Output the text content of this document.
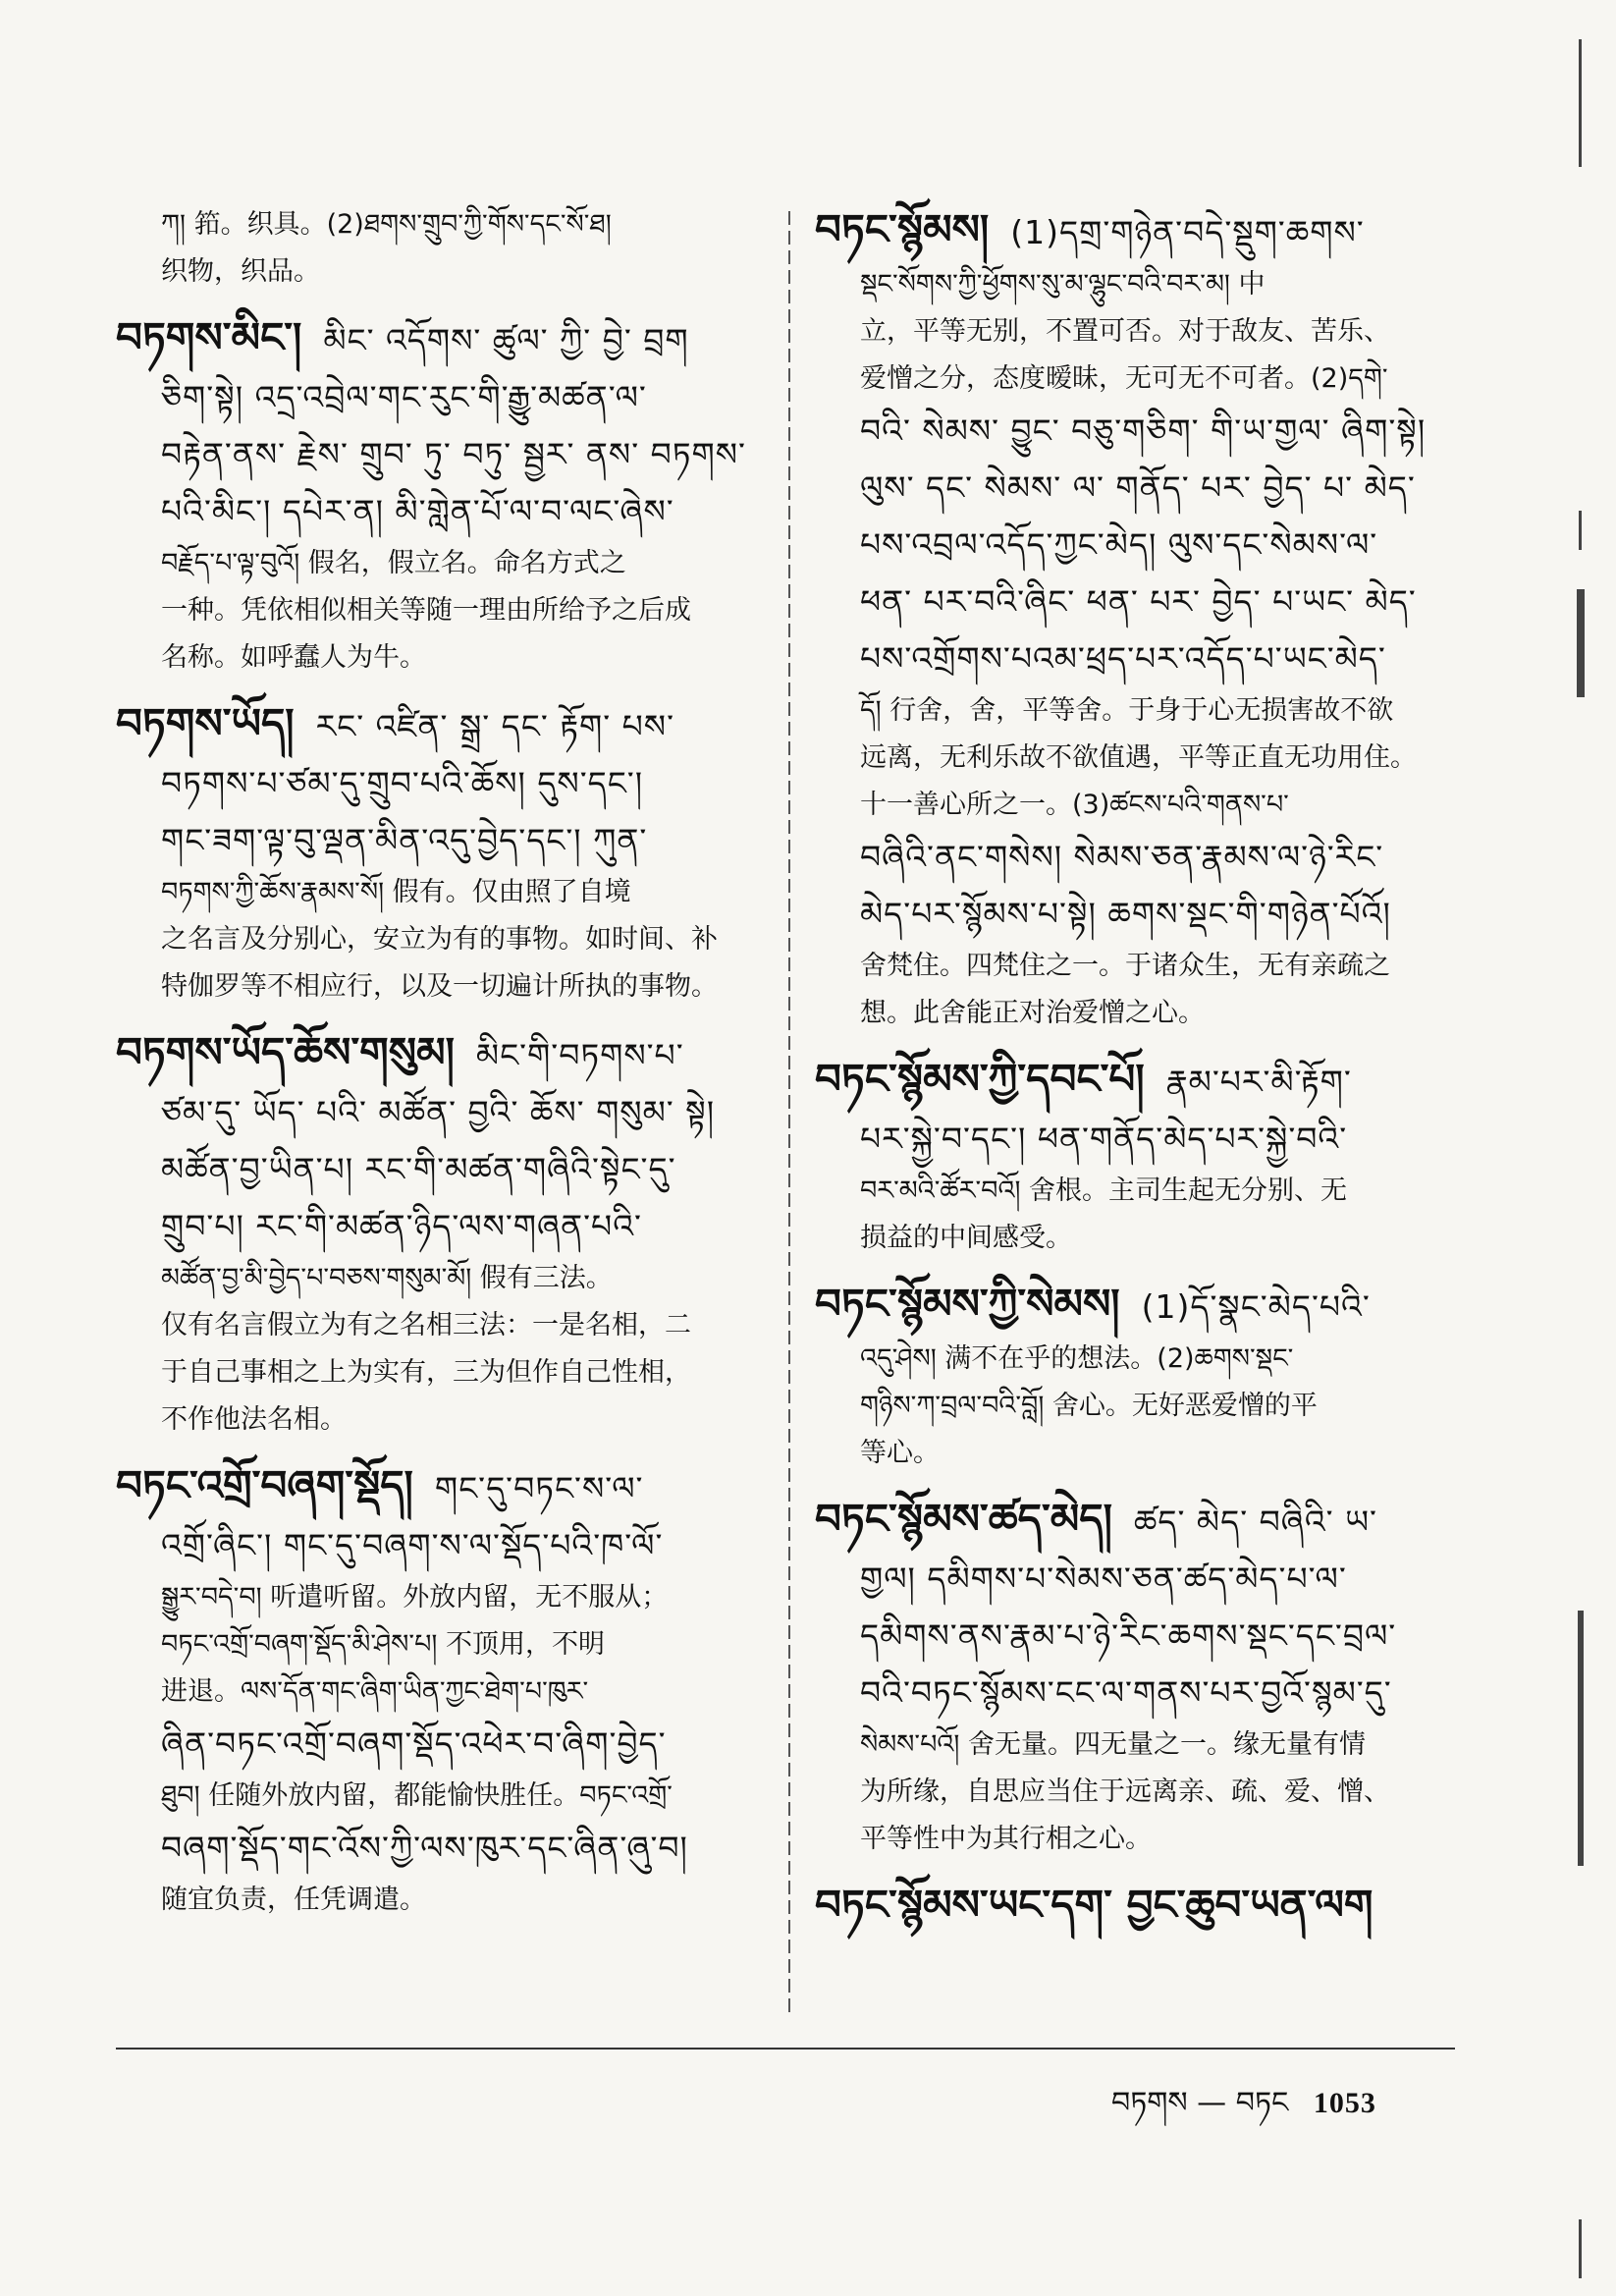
ཀ། 筘。织具。(2)ཐགས་གྲུབ་ཀྱི་གོས་དང་སོ་ཐ།
织物，织品。
བཏགས་མིང་། མིང་ འདོགས་ ཚུལ་ ཀྱི་ བྱེ་ བྲག
ཅིག་སྟེ། འདྲ་འབྲེལ་གང་རུང་གི་རྒྱུ་མཚན་ལ་
བརྟེན་ནས་ རྗེས་ གྲུབ་ ཏུ་ བཏུ་ སྦྱར་ ནས་ བཏགས་
པའི་མིང་། དཔེར་ན། མི་གླེན་པོ་ལ་བ་ལང་ཞེས་
བརྗོད་པ་ལྟ་བུའོ། 假名，假立名。命名方式之
一种。凭依相似相关等随一理由所给予之后成
名称。如呼蠢人为牛。
བཏགས་ཡོད། རང་ འཛིན་ སྒྲ་ དང་ རྟོག་ པས་
བཏགས་པ་ཙམ་དུ་གྲུབ་པའི་ཆོས། དུས་དང་།
གང་ཟག་ལྟ་བུ་ལྡན་མིན་འདུ་བྱེད་དང་། ཀུན་
བཏགས་ཀྱི་ཆོས་རྣམས་སོ། 假有。仅由照了自境
之名言及分别心，安立为有的事物。如时间、补
特伽罗等不相应行，以及一切遍计所执的事物。
བཏགས་ཡོད་ཆོས་གསུམ། མིང་གི་བཏགས་པ་
ཙམ་དུ་ ཡོད་ པའི་ མཚོན་ བྱའི་ ཆོས་ གསུམ་ སྟེ།
མཚོན་བྱ་ཡིན་པ། རང་གི་མཚན་གཞིའི་སྟེང་དུ་
གྲུབ་པ། རང་གི་མཚན་ཉིད་ལས་གཞན་པའི་
མཚོན་བྱ་མི་བྱེད་པ་བཅས་གསུམ་མོ། 假有三法。
仅有名言假立为有之名相三法：一是名相，二
于自己事相之上为实有，三为但作自己性相，
不作他法名相。
བཏང་འགྲོ་བཞག་སྡོད། གང་དུ་བཏང་ས་ལ་
འགྲོ་ཞིང་། གང་དུ་བཞག་ས་ལ་སྡོད་པའི་ཁ་ལོ་
སྒྱུར་བདེ་བ། 听遣听留。外放内留，无不服从；
བཏང་འགྲོ་བཞག་སྡོད་མི་ཤེས་པ། 不顶用，不明
进退。ལས་དོན་གང་ཞིག་ཡིན་ཀྱང་ཐེག་པ་ཁུར་
ཞིན་བཏང་འགྲོ་བཞག་སྡོད་འཕེར་བ་ཞིག་བྱེད་
ཐུབ། 任随外放内留，都能愉快胜任。བཏང་འགྲོ་
བཞག་སྡོད་གང་འོས་ཀྱི་ལས་ཁུར་དང་ཞིན་ཞུ་བ།
随宜负责，任凭调遣。
བཏང་སྙོམས། (1)དགྲ་གཉེན་བདེ་སྡུག་ཆགས་
སྡང་སོགས་ཀྱི་ཕྱོགས་སུ་མ་ལྷུང་བའི་བར་མ། 中
立，平等无别，不置可否。对于敌友、苦乐、
爱憎之分，态度暧昧，无可无不可者。(2)དགེ་
བའི་ སེམས་ བྱུང་ བཅུ་གཅིག་ གི་ཡ་གྱལ་ ཞིག་སྟེ།
ལུས་ དང་ སེམས་ ལ་ གནོད་ པར་ བྱེད་ པ་ མེད་
པས་འབྲལ་འདོད་ཀྱང་མེད། ལུས་དང་སེམས་ལ་
ཕན་ པར་བའི་ཞིང་ ཕན་ པར་ བྱེད་ པ་ཡང་ མེད་
པས་འགྲོགས་པའམ་ཕྲད་པར་འདོད་པ་ཡང་མེད་
དོ། 行舍，舍，平等舍。于身于心无损害故不欲
远离，无利乐故不欲值遇，平等正直无功用住。
十一善心所之一。(3)ཚངས་པའི་གནས་པ་
བཞིའི་ནང་གསེས། སེམས་ཅན་རྣམས་ལ་ཉེ་རིང་
མེད་པར་སྙོམས་པ་སྟེ། ཆགས་སྡང་གི་གཉེན་པོའོ།
舍梵住。四梵住之一。于诸众生，无有亲疏之
想。此舍能正对治爱憎之心。
བཏང་སྙོམས་ཀྱི་དབང་པོ། རྣམ་པར་མི་རྟོག་
པར་སྐྱེ་བ་དང་། ཕན་གནོད་མེད་པར་སྐྱེ་བའི་
བར་མའི་ཚོར་བའོ། 舍根。主司生起无分别、无
损益的中间感受。
བཏང་སྙོམས་ཀྱི་སེམས། (1)དོ་སྣང་མེད་པའི་
འདུ་ཤེས། 满不在乎的想法。(2)ཆགས་སྡང་
གཉིས་ཀ་བྲལ་བའི་བློ། 舍心。无好恶爱憎的平
等心。
བཏང་སྙོམས་ཚད་མེད། ཚད་ མེད་ བཞིའི་ ཡ་
གྱལ། དམིགས་པ་སེམས་ཅན་ཚད་མེད་པ་ལ་
དམིགས་ནས་རྣམ་པ་ཉེ་རིང་ཆགས་སྡང་དང་བྲལ་
བའི་བཏང་སྙོམས་ངང་ལ་གནས་པར་བྱའོ་སྙམ་དུ་
སེམས་པའོ། 舍无量。四无量之一。缘无量有情
为所缘，自思应当住于远离亲、疏、爱、憎、
平等性中为其行相之心。
བཏང་སྙོམས་ཡང་དག་ བྱང་ཆུབ་ཡན་ལག
བཏགས — བཏང 1053
